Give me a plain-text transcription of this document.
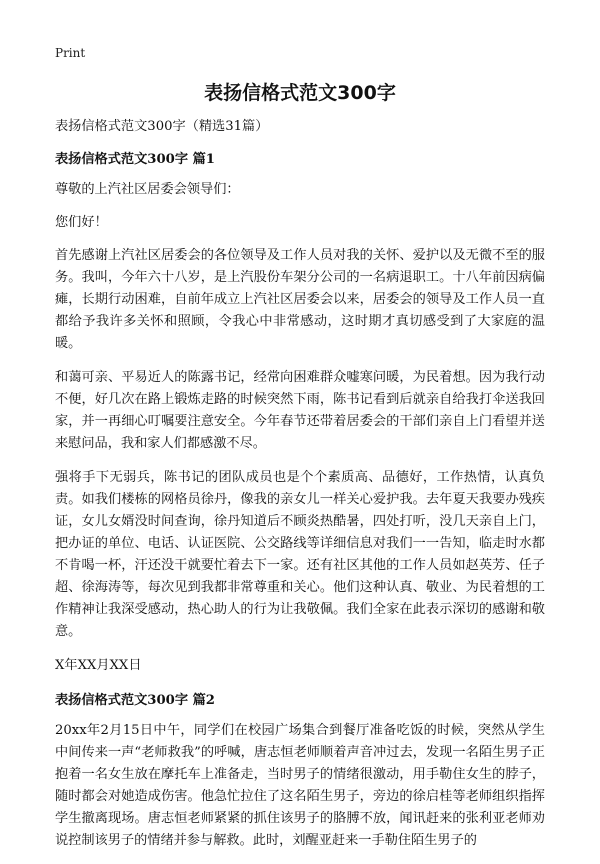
Print
表扬信格式范文300字

表扬信格式范文300字（精选31篇）

表扬信格式范文300字 篇1

尊敬的上汽社区居委会领导们：

您们好！

首先感谢上汽社区居委会的各位领导及工作人员对我的关怀、爱护以及无微不至的服务。我叫，今年六十八岁，是上汽股份车架分公司的一名病退职工。十八年前因病偏瘫，长期行动困难，自前年成立上汽社区居委会以来，居委会的领导及工作人员一直都给予我许多关怀和照顾，令我心中非常感动，这时期才真切感受到了大家庭的温暖。

和蔼可亲、平易近人的陈露书记，经常向困难群众嘘寒问暖，为民着想。因为我行动不便，好几次在路上锻炼走路的时候突然下雨，陈书记看到后就亲自给我打伞送我回家，并一再细心叮嘱要注意安全。今年春节还带着居委会的干部们亲自上门看望并送来慰问品，我和家人们都感激不尽。

强将手下无弱兵，陈书记的团队成员也是个个素质高、品德好，工作热情，认真负责。如我们楼栋的网格员徐丹，像我的亲女儿一样关心爱护我。去年夏天我要办残疾证，女儿女婿没时间查询，徐丹知道后不顾炎热酷暑，四处打听，没几天亲自上门，把办证的单位、电话、认证医院、公交路线等详细信息对我们一一告知，临走时水都不肯喝一杯，汗还没干就要忙着去下一家。还有社区其他的工作人员如赵英芳、任子超、徐海涛等，每次见到我都非常尊重和关心。他们这种认真、敬业、为民着想的工作精神让我深受感动，热心助人的行为让我敬佩。我们全家在此表示深切的感谢和敬意。

X年XX月XX日

表扬信格式范文300字 篇2

20xx年2月15日中午，同学们在校园广场集合到餐厅准备吃饭的时候，突然从学生中间传来一声“老师救我”的呼喊，唐志恒老师顺着声音冲过去，发现一名陌生男子正抱着一名女生放在摩托车上准备走，当时男子的情绪很激动，用手勒住女生的脖子，随时都会对她造成伤害。他急忙拉住了这名陌生男子，旁边的徐启桂等老师组织指挥学生撤离现场。唐志恒老师紧紧的抓住该男子的胳膊不放，闻讯赶来的张利亚老师劝说控制该男子的情绪并参与解救。此时，刘醒亚赶来一手勒住陌生男子的
